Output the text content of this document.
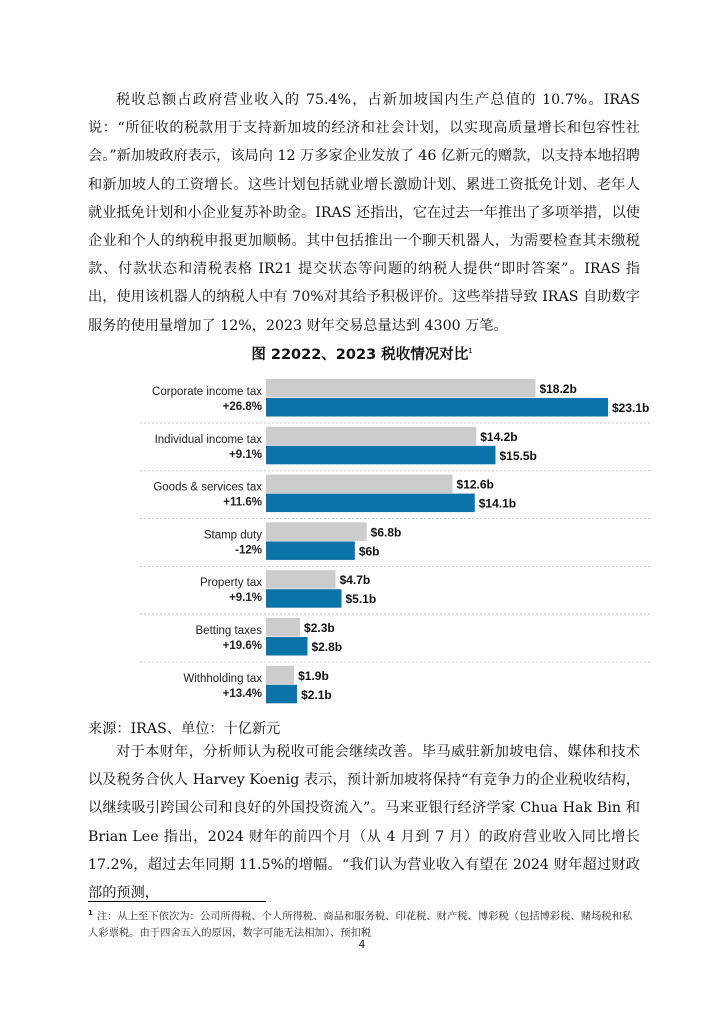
税收总额占政府营业收入的 75.4%，占新加坡国内生产总值的 10.7%。IRAS 说：“所征收的税款用于支持新加坡的经济和社会计划，以实现高质量增长和包容性社会。”新加坡政府表示，该局向 12 万多家企业发放了 46 亿新元的赠款，以支持本地招聘和新加坡人的工资增长。这些计划包括就业增长激励计划、累进工资抵免计划、老年人就业抵免计划和小企业复苏补助金。IRAS 还指出，它在过去一年推出了多项举措，以使企业和个人的纳税申报更加顺畅。其中包括推出一个聊天机器人，为需要检查其未缴税款、付款状态和清税表格 IR21 提交状态等问题的纳税人提供“即时答案”。IRAS 指出，使用该机器人的纳税人中有 70%对其给予积极评价。这些举措导致 IRAS 自助数字服务的使用量增加了 12%，2023 财年交易总量达到 4300 万笔。

图 22022、2023 税收情况对比$^1$
Corporate income tax
+26.8%
$18.2b
$23.1b
Individual income tax
+9.1%
$14.2b
$15.5b
Goods & services tax
+11.6%
$12.6b
$14.1b
Stamp duty
-12%
$6.8b
$6b
Property tax
+9.1%
$4.7b
$5.1b
Betting taxes
+19.6%
$2.3b
$2.8b
Withholding tax
+13.4%
$1.9b
$2.1b
来源：IRAS、单位：十亿新元

对于本财年，分析师认为税收可能会继续改善。毕马威驻新加坡电信、媒体和技术以及税务合伙人 Harvey Koenig 表示，预计新加坡将保持“有竞争力的企业税收结构，以继续吸引跨国公司和良好的外国投资流入”。马来亚银行经济学家 Chua Hak Bin 和 Brian Lee 指出，2024 财年的前四个月（从 4 月到 7 月）的政府营业收入同比增长 17.2%，超过去年同期 11.5%的增幅。“我们认为营业收入有望在 2024 财年超过财政部的预测，

$^1$ 注：从上至下依次为：公司所得税、个人所得税、商品和服务税、印花税、财产税、博彩税（包括博彩税、赌场税和私人彩票税。由于四舍五入的原因，数字可能无法相加）、预扣税

4
